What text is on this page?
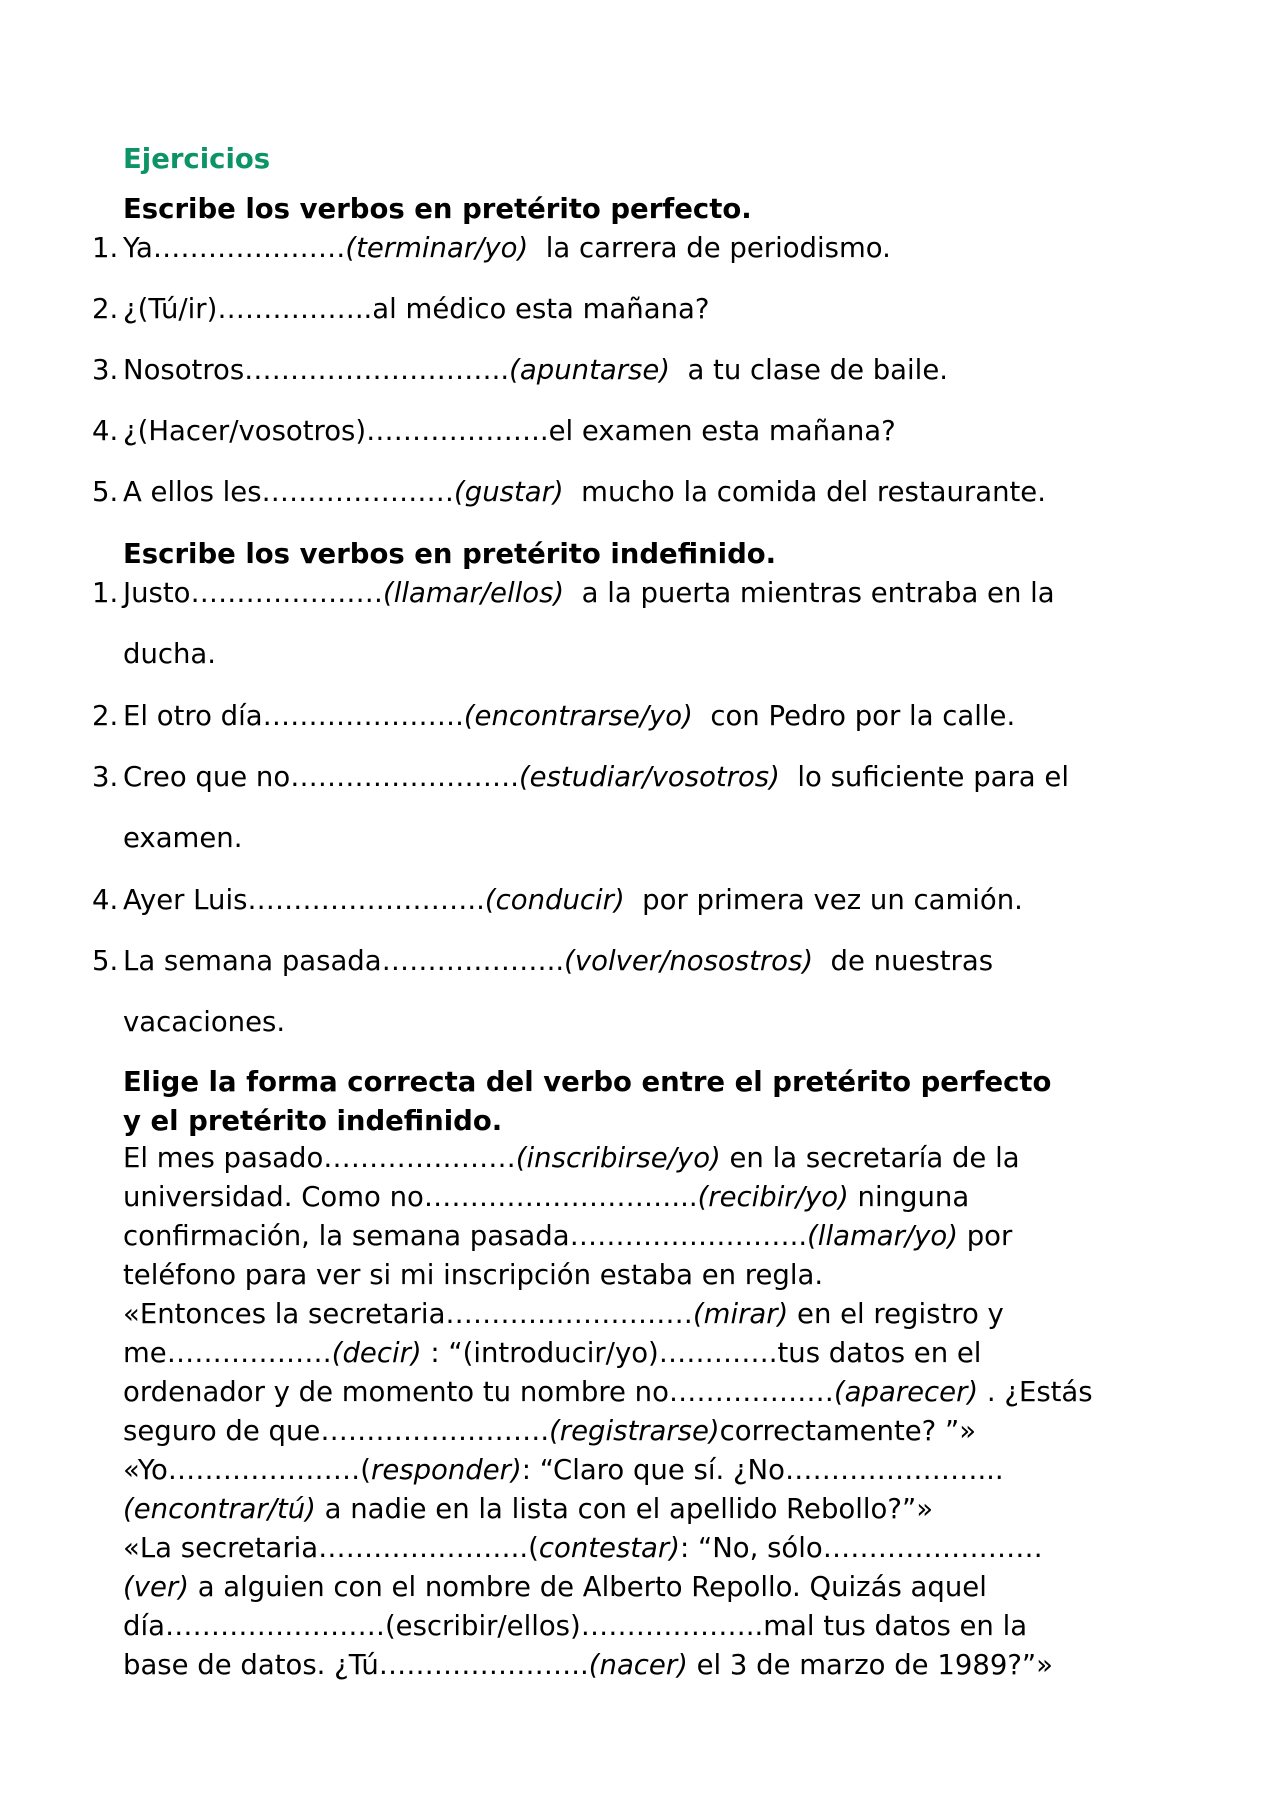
Ejercicios
Escribe los verbos en pretérito perfecto.
1. Ya…………………(terminar/yo)  la carrera de periodismo.
2. ¿(Tú/ir)……………..al médico esta mañana?
3. Nosotros………………………..(apuntarse)  a tu clase de baile.
4. ¿(Hacer/vosotros)………………..el examen esta mañana?
5. A ellos les…………………(gustar)  mucho la comida del restaurante.
Escribe los verbos en pretérito indefinido.
1. Justo…………………(llamar/ellos)  a la puerta mientras entraba en la
ducha.
2. El otro día………………….(encontrarse/yo)  con Pedro por la calle.
3. Creo que no…………………….(estudiar/vosotros)  lo suficiente para el
examen.
4. Ayer Luis……………………..(conducir)  por primera vez un camión.
5. La semana pasada………………..(volver/nosostros)  de nuestras
vacaciones.
Elige la forma correcta del verbo entre el pretérito perfecto
y el pretérito indefinido.
El mes pasado…………………(inscribirse/yo) en la secretaría de la
universidad. Como no………………………...(recibir/yo) ninguna
confirmación, la semana pasada……………………..(llamar/yo) por
teléfono para ver si mi inscripción estaba en regla.
«Entonces la secretaria………………………(mirar) en el registro y
me………………(decir) : “(introducir/yo)………….tus datos en el
ordenador y de momento tu nombre no………………(aparecer) . ¿Estás
seguro de que…………………….(registrarse)correctamente? ”»
«Yo…………………(responder): “Claro que sí. ¿No…………………...
(encontrar/tú) a nadie en la lista con el apellido Rebollo?”»
«La secretaria…………………..(contestar): “No, sólo……………………
(ver) a alguien con el nombre de Alberto Repollo. Quizás aquel
día……………………(escribir/ellos)………………..mal tus datos en la
base de datos. ¿Tú…………………..(nacer) el 3 de marzo de 1989?”»
